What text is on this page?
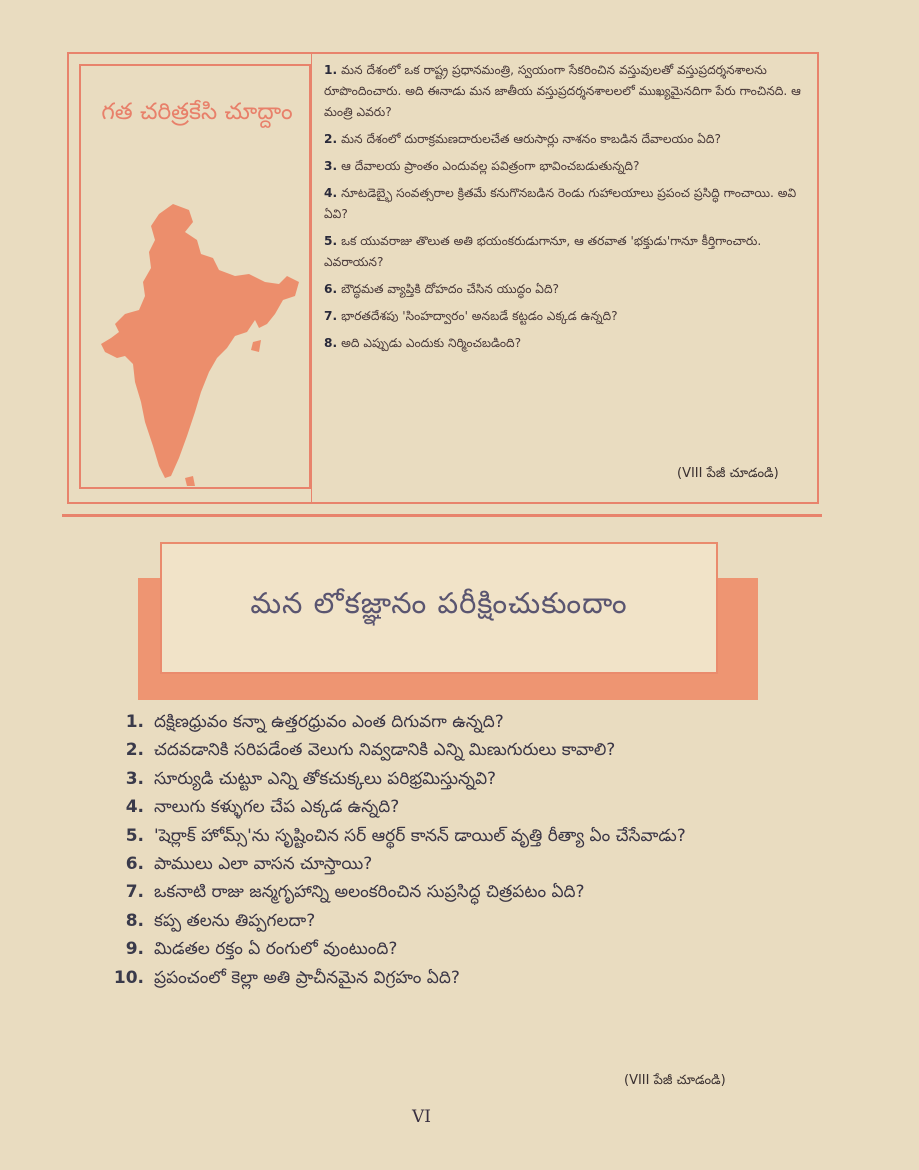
గత చరిత్రకేసి చూద్దాం
1. మన దేశంలో ఒక రాష్ట్ర ప్రధానమంత్రి, స్వయంగా సేకరించిన వస్తువులతో వస్తుప్రదర్శనశాలను రూపొందించారు. అది ఈనాడు మన జాతీయ వస్తుప్రదర్శనశాలలలో ముఖ్యమైనదిగా పేరు గాంచినది. ఆ మంత్రి ఎవరు?
2. మన దేశంలో దురాక్రమణదారులచేత ఆరుసార్లు నాశనం కాబడిన దేవాలయం ఏది?
3. ఆ దేవాలయ ప్రాంతం ఎందువల్ల పవిత్రంగా భావించబడుతున్నది?
4. నూటడెబ్భై సంవత్సరాల క్రితమే కనుగొనబడిన రెండు గుహాలయాలు ప్రపంచ ప్రసిద్ధి గాంచాయి. అవి ఏవి?
5. ఒక యువరాజు తొలుత అతి భయంకరుడుగానూ, ఆ తరవాత 'భక్తుడు'గానూ కీర్తిగాంచారు. ఎవరాయన?
6. బౌద్ధమత వ్యాప్తికి దోహదం చేసిన యుద్ధం ఏది?
7. భారతదేశపు 'సింహద్వారం' అనబడే కట్టడం ఎక్కడ ఉన్నది?
8. అది ఎప్పుడు ఎందుకు నిర్మించబడింది?
(VIII పేజీ చూడండి)
మన లోకజ్ఞానం పరీక్షించుకుందాం
1. దక్షిణధ్రువం కన్నా ఉత్తరధ్రువం ఎంత దిగువగా ఉన్నది?
2. చదవడానికి సరిపడేంత వెలుగు నివ్వడానికి ఎన్ని మిణుగురులు కావాలి?
3. సూర్యుడి చుట్టూ ఎన్ని తోకచుక్కలు పరిభ్రమిస్తున్నవి?
4. నాలుగు కళ్ళుగల చేప ఎక్కడ ఉన్నది?
5. 'షెర్లాక్ హోమ్స్'ను సృష్టించిన సర్ ఆర్థర్ కానన్ డాయిల్ వృత్తి రీత్యా ఏం చేసేవాడు?
6. పాములు ఎలా వాసన చూస్తాయి?
7. ఒకనాటి రాజు జన్మగృహాన్ని అలంకరించిన సుప్రసిద్ధ చిత్రపటం ఏది?
8. కప్ప తలను తిప్పగలదా?
9. మిడతల రక్తం ఏ రంగులో వుంటుంది?
10. ప్రపంచంలో కెల్లా అతి ప్రాచీనమైన విగ్రహం ఏది?
(VIII పేజీ చూడండి)
VI
